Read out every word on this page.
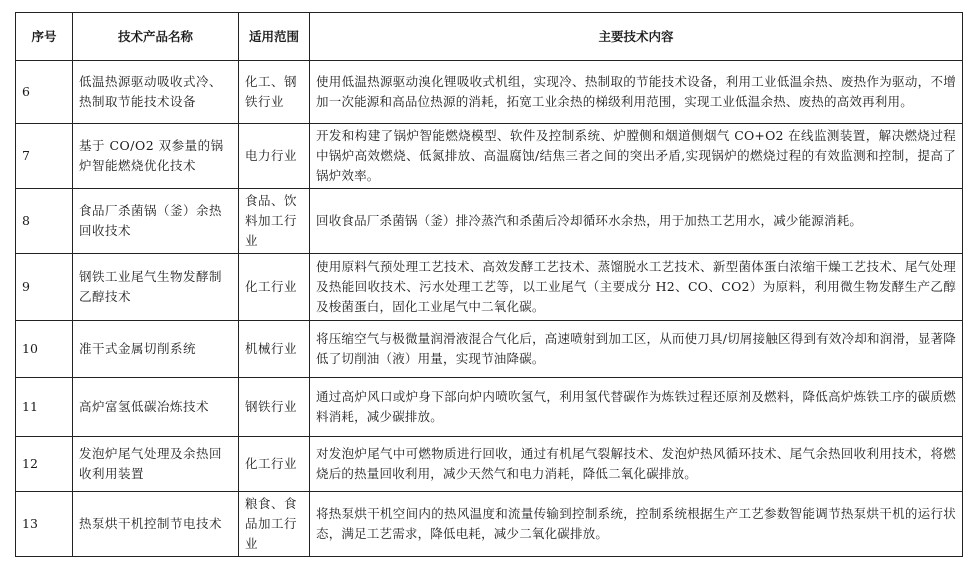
序号	技术产品名称	适用范围	主要技术内容
6	低温热源驱动吸收式冷、热制取节能技术设备	化工、钢铁行业	使用低温热源驱动溴化锂吸收式机组，实现冷、热制取的节能技术设备，利用工业低温余热、废热作为驱动，不增加一次能源和高品位热源的消耗，拓宽工业余热的梯级利用范围，实现工业低温余热、废热的高效再利用。
7	基于 CO/O2 双参量的锅炉智能燃烧优化技术	电力行业	开发和构建了锅炉智能燃烧模型、软件及控制系统、炉膛侧和烟道侧烟气 CO+O2 在线监测装置，解决燃烧过程中锅炉高效燃烧、低氮排放、高温腐蚀/结焦三者之间的突出矛盾,实现锅炉的燃烧过程的有效监测和控制，提高了锅炉效率。
8	食品厂杀菌锅（釜）余热回收技术	食品、饮料加工行业	回收食品厂杀菌锅（釜）排冷蒸汽和杀菌后冷却循环水余热，用于加热工艺用水，减少能源消耗。
9	钢铁工业尾气生物发酵制乙醇技术	化工行业	使用原料气预处理工艺技术、高效发酵工艺技术、蒸馏脱水工艺技术、新型菌体蛋白浓缩干燥工艺技术、尾气处理及热能回收技术、污水处理工艺等，以工业尾气（主要成分 H2、CO、CO2）为原料，利用微生物发酵生产乙醇及梭菌蛋白，固化工业尾气中二氧化碳。
10	准干式金属切削系统	机械行业	将压缩空气与极微量润滑液混合气化后，高速喷射到加工区，从而使刀具/切屑接触区得到有效冷却和润滑，显著降低了切削油（液）用量，实现节油降碳。
11	高炉富氢低碳冶炼技术	钢铁行业	通过高炉风口或炉身下部向炉内喷吹氢气，利用氢代替碳作为炼铁过程还原剂及燃料，降低高炉炼铁工序的碳质燃料消耗，减少碳排放。
12	发泡炉尾气处理及余热回收利用装置	化工行业	对发泡炉尾气中可燃物质进行回收，通过有机尾气裂解技术、发泡炉热风循环技术、尾气余热回收利用技术，将燃烧后的热量回收利用，减少天然气和电力消耗，降低二氧化碳排放。
13	热泵烘干机控制节电技术	粮食、食品加工行业	将热泵烘干机空间内的热风温度和流量传输到控制系统，控制系统根据生产工艺参数智能调节热泵烘干机的运行状态，满足工艺需求，降低电耗，减少二氧化碳排放。
